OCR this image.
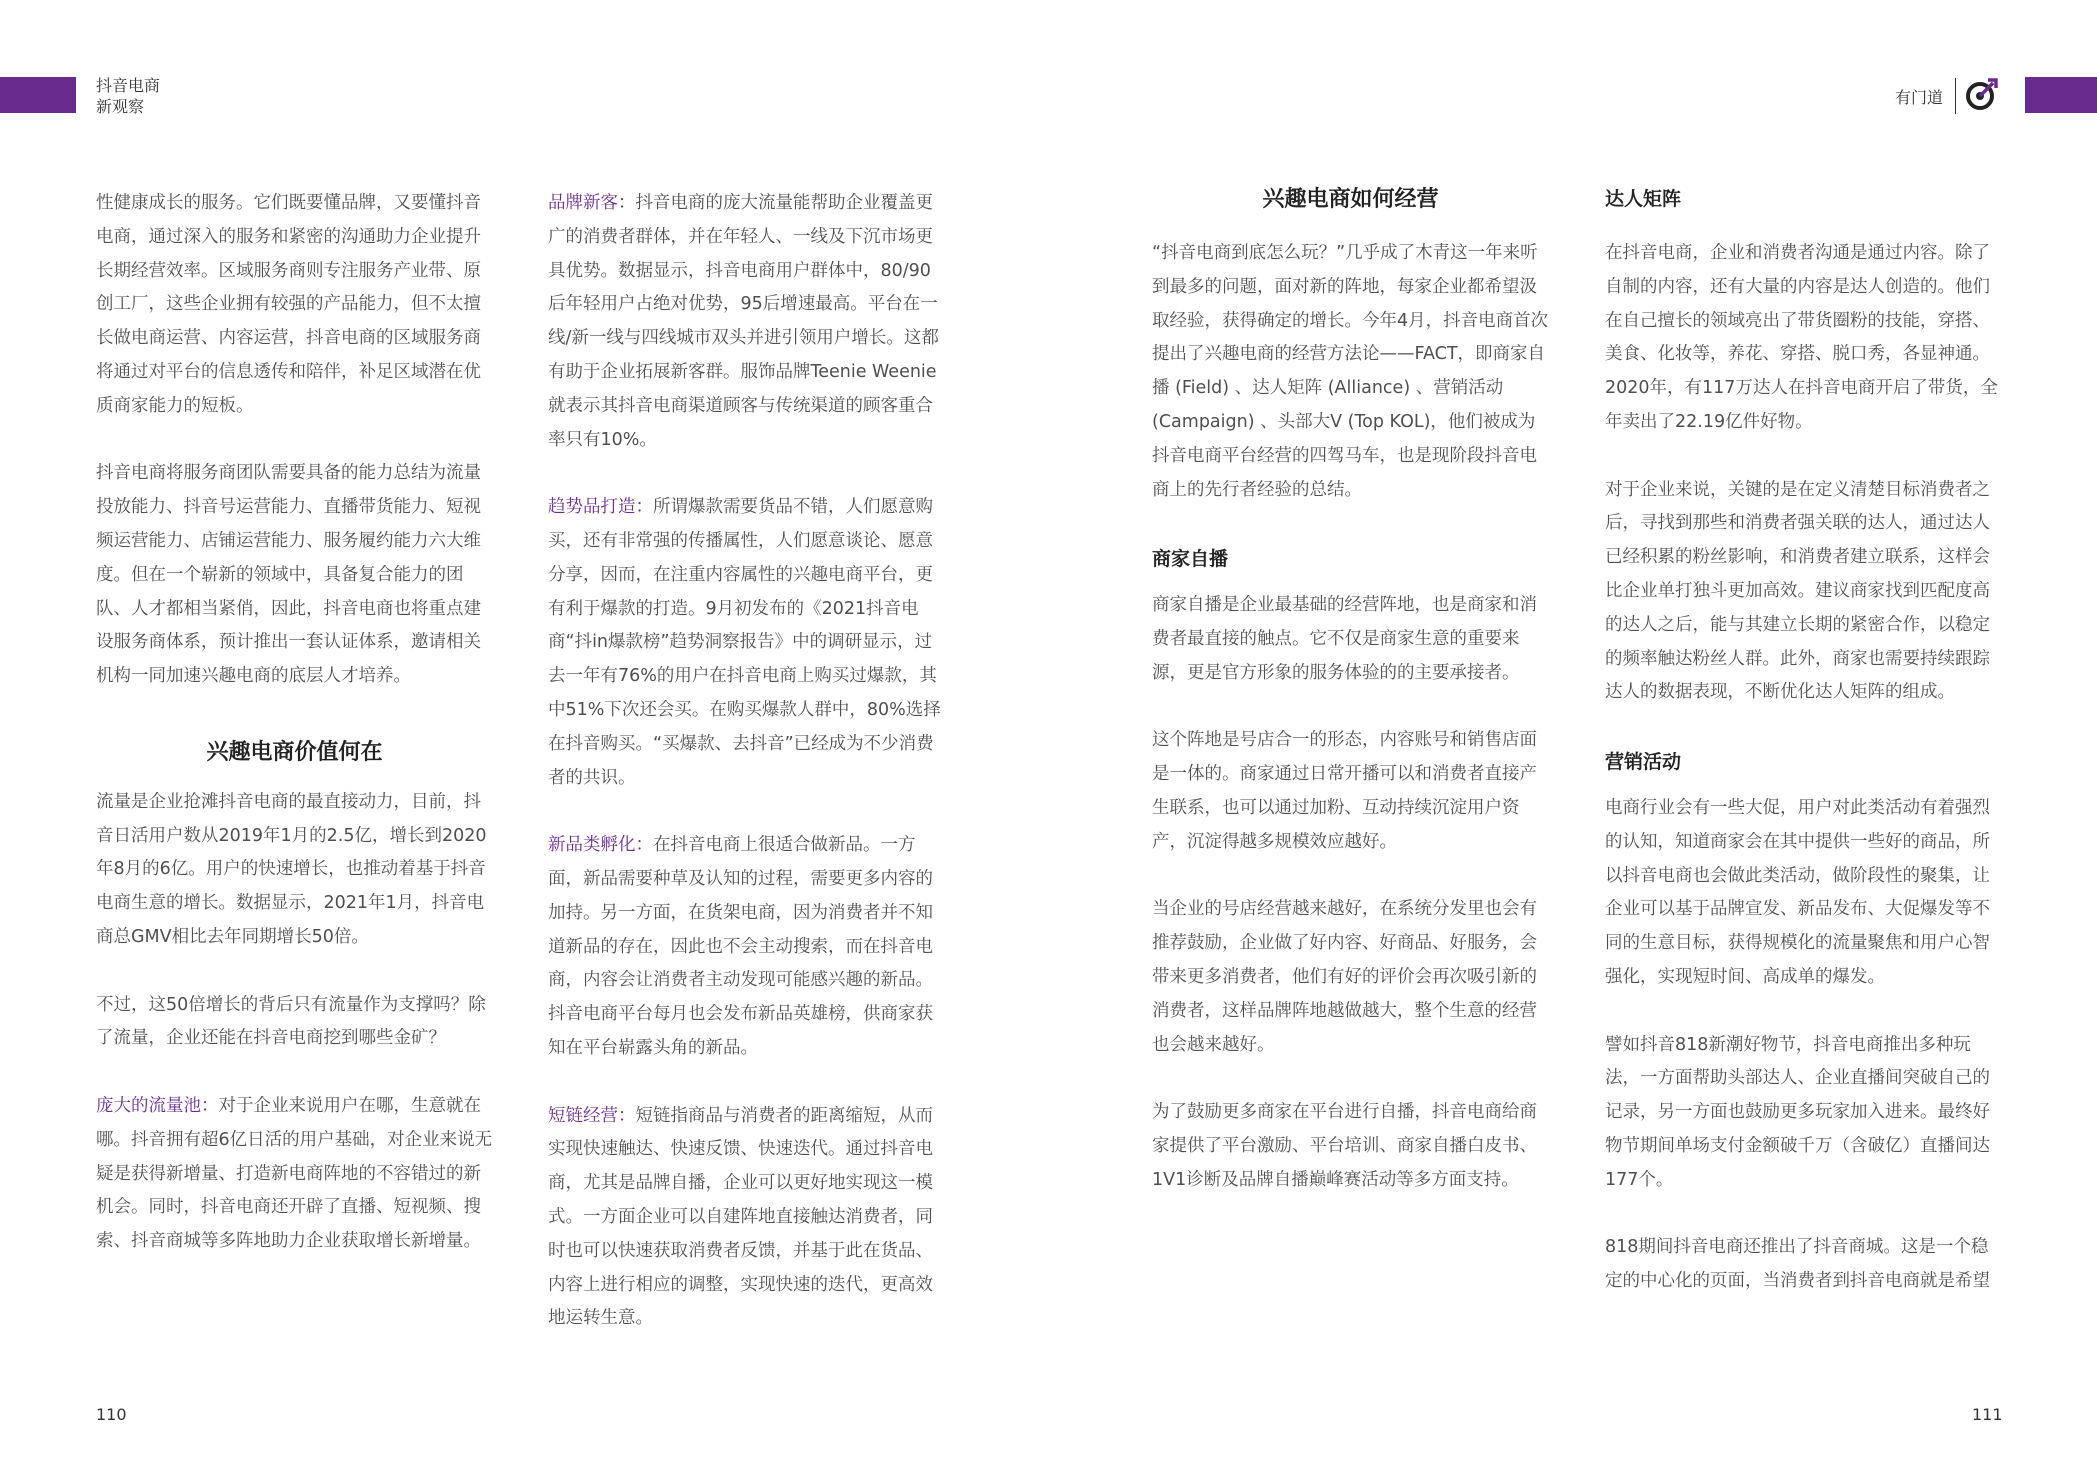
抖音电商
新观察	有门道

性健康成长的服务。它们既要懂品牌，又要懂抖音电商，通过深入的服务和紧密的沟通助力企业提升长期经营效率。区域服务商则专注服务产业带、原创工厂，这些企业拥有较强的产品能力，但不太擅长做电商运营、内容运营，抖音电商的区域服务商将通过对平台的信息透传和陪伴，补足区域潜在优质商家能力的短板。

抖音电商将服务商团队需要具备的能力总结为流量投放能力、抖音号运营能力、直播带货能力、短视频运营能力、店铺运营能力、服务履约能力六大维度。但在一个崭新的领域中，具备复合能力的团队、人才都相当紧俏，因此，抖音电商也将重点建设服务商体系，预计推出一套认证体系，邀请相关机构一同加速兴趣电商的底层人才培养。

兴趣电商价值何在

流量是企业抢滩抖音电商的最直接动力，目前，抖音日活用户数从2019年1月的2.5亿，增长到2020年8月的6亿。用户的快速增长，也推动着基于抖音电商生意的增长。数据显示，2021年1月，抖音电商总GMV相比去年同期增长50倍。

不过，这50倍增长的背后只有流量作为支撑吗？除了流量，企业还能在抖音电商挖到哪些金矿？

庞大的流量池：对于企业来说用户在哪，生意就在哪。抖音拥有超6亿日活的用户基础，对企业来说无疑是获得新增量、打造新电商阵地的不容错过的新机会。同时，抖音电商还开辟了直播、短视频、搜索、抖音商城等多阵地助力企业获取增长新增量。

品牌新客：抖音电商的庞大流量能帮助企业覆盖更广的消费者群体，并在年轻人、一线及下沉市场更具优势。数据显示，抖音电商用户群体中，80/90后年轻用户占绝对优势，95后增速最高。平台在一线/新一线与四线城市双头并进引领用户增长。这都有助于企业拓展新客群。服饰品牌Teenie Weenie就表示其抖音电商渠道顾客与传统渠道的顾客重合率只有10%。

趋势品打造：所谓爆款需要货品不错，人们愿意购买，还有非常强的传播属性，人们愿意谈论、愿意分享，因而，在注重内容属性的兴趣电商平台，更有利于爆款的打造。9月初发布的《2021抖音电商“抖in爆款榜”趋势洞察报告》中的调研显示，过去一年有76%的用户在抖音电商上购买过爆款，其中51%下次还会买。在购买爆款人群中，80%选择在抖音购买。“买爆款、去抖音”已经成为不少消费者的共识。

新品类孵化：在抖音电商上很适合做新品。一方面，新品需要种草及认知的过程，需要更多内容的加持。另一方面，在货架电商，因为消费者并不知道新品的存在，因此也不会主动搜索，而在抖音电商，内容会让消费者主动发现可能感兴趣的新品。抖音电商平台每月也会发布新品英雄榜，供商家获知在平台崭露头角的新品。

短链经营：短链指商品与消费者的距离缩短，从而实现快速触达、快速反馈、快速迭代。通过抖音电商，尤其是品牌自播，企业可以更好地实现这一模式。一方面企业可以自建阵地直接触达消费者，同时也可以快速获取消费者反馈，并基于此在货品、内容上进行相应的调整，实现快速的迭代，更高效地运转生意。

兴趣电商如何经营

“抖音电商到底怎么玩？”几乎成了木青这一年来听到最多的问题，面对新的阵地，每家企业都希望汲取经验，获得确定的增长。今年4月，抖音电商首次提出了兴趣电商的经营方法论——FACT，即商家自播 (Field) 、达人矩阵 (Alliance) 、营销活动 (Campaign) 、头部大V (Top KOL)，他们被成为抖音电商平台经营的四驾马车，也是现阶段抖音电商上的先行者经验的总结。

商家自播

商家自播是企业最基础的经营阵地，也是商家和消费者最直接的触点。它不仅是商家生意的重要来源，更是官方形象的服务体验的的主要承接者。

这个阵地是号店合一的形态，内容账号和销售店面是一体的。商家通过日常开播可以和消费者直接产生联系，也可以通过加粉、互动持续沉淀用户资产，沉淀得越多规模效应越好。

当企业的号店经营越来越好，在系统分发里也会有推荐鼓励，企业做了好内容、好商品、好服务，会带来更多消费者，他们有好的评价会再次吸引新的消费者，这样品牌阵地越做越大，整个生意的经营也会越来越好。

为了鼓励更多商家在平台进行自播，抖音电商给商家提供了平台激励、平台培训、商家自播白皮书、1V1诊断及品牌自播巅峰赛活动等多方面支持。

达人矩阵

在抖音电商，企业和消费者沟通是通过内容。除了自制的内容，还有大量的内容是达人创造的。他们在自己擅长的领域亮出了带货圈粉的技能，穿搭、美食、化妆等，养花、穿搭、脱口秀，各显神通。2020年，有117万达人在抖音电商开启了带货，全年卖出了22.19亿件好物。

对于企业来说，关键的是在定义清楚目标消费者之后，寻找到那些和消费者强关联的达人，通过达人已经积累的粉丝影响，和消费者建立联系，这样会比企业单打独斗更加高效。建议商家找到匹配度高的达人之后，能与其建立长期的紧密合作，以稳定的频率触达粉丝人群。此外，商家也需要持续跟踪达人的数据表现，不断优化达人矩阵的组成。

营销活动

电商行业会有一些大促，用户对此类活动有着强烈的认知，知道商家会在其中提供一些好的商品，所以抖音电商也会做此类活动，做阶段性的聚集，让企业可以基于品牌宣发、新品发布、大促爆发等不同的生意目标，获得规模化的流量聚焦和用户心智强化，实现短时间、高成单的爆发。

譬如抖音818新潮好物节，抖音电商推出多种玩法，一方面帮助头部达人、企业直播间突破自己的记录，另一方面也鼓励更多玩家加入进来。最终好物节期间单场支付金额破千万（含破亿）直播间达177个。

818期间抖音电商还推出了抖音商城。这是一个稳定的中心化的页面，当消费者到抖音电商就是希望

110	111
